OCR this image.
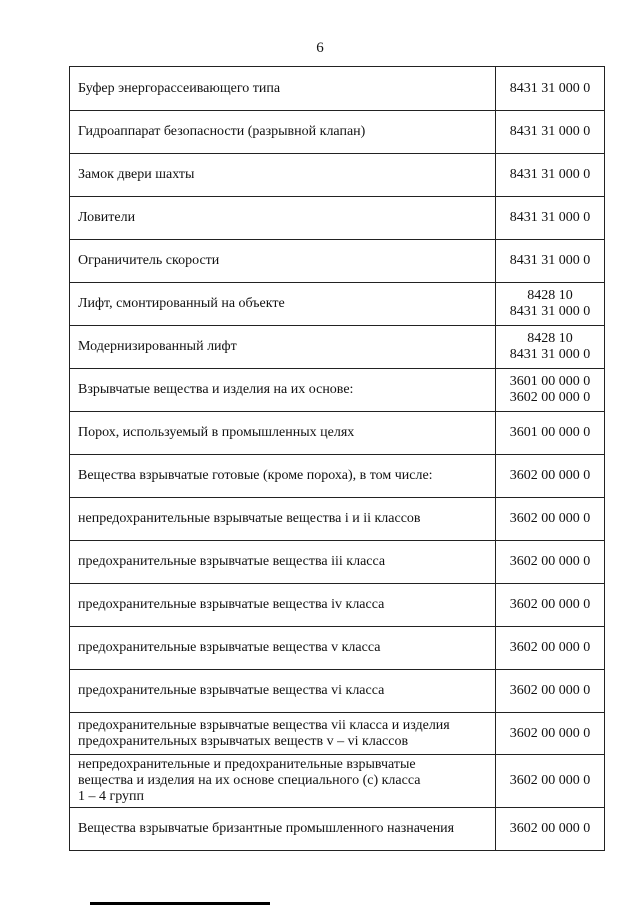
6
Буфер энергорассеивающего типа	8431 31 000 0

Гидроаппарат безопасности (разрывной клапан)	8431 31 000 0

Замок двери шахты	8431 31 000 0

Ловители	8431 31 000 0

Ограничитель скорости	8431 31 000 0

Лифт, смонтированный на объекте	8428 10
8431 31 000 0

Модернизированный лифт	8428 10
8431 31 000 0

Взрывчатые вещества и изделия на их основе:	3601 00 000 0
3602 00 000 0

Порох, используемый в промышленных целях	3601 00 000 0

Вещества взрывчатые готовые (кроме пороха), в том числе:	3602 00 000 0

непредохранительные взрывчатые вещества i и ii классов	3602 00 000 0

предохранительные взрывчатые вещества iii класса	3602 00 000 0

предохранительные взрывчатые вещества iv класса	3602 00 000 0

предохранительные взрывчатые вещества v класса	3602 00 000 0

предохранительные взрывчатые вещества vi класса	3602 00 000 0

предохранительные взрывчатые вещества vii класса и изделия
предохранительных взрывчатых веществ v – vi классов	3602 00 000 0

непредохранительные и предохранительные взрывчатые
вещества и изделия на их основе специального (с) класса
1 – 4 групп	3602 00 000 0

Вещества взрывчатые бризантные промышленного назначения	3602 00 000 0
